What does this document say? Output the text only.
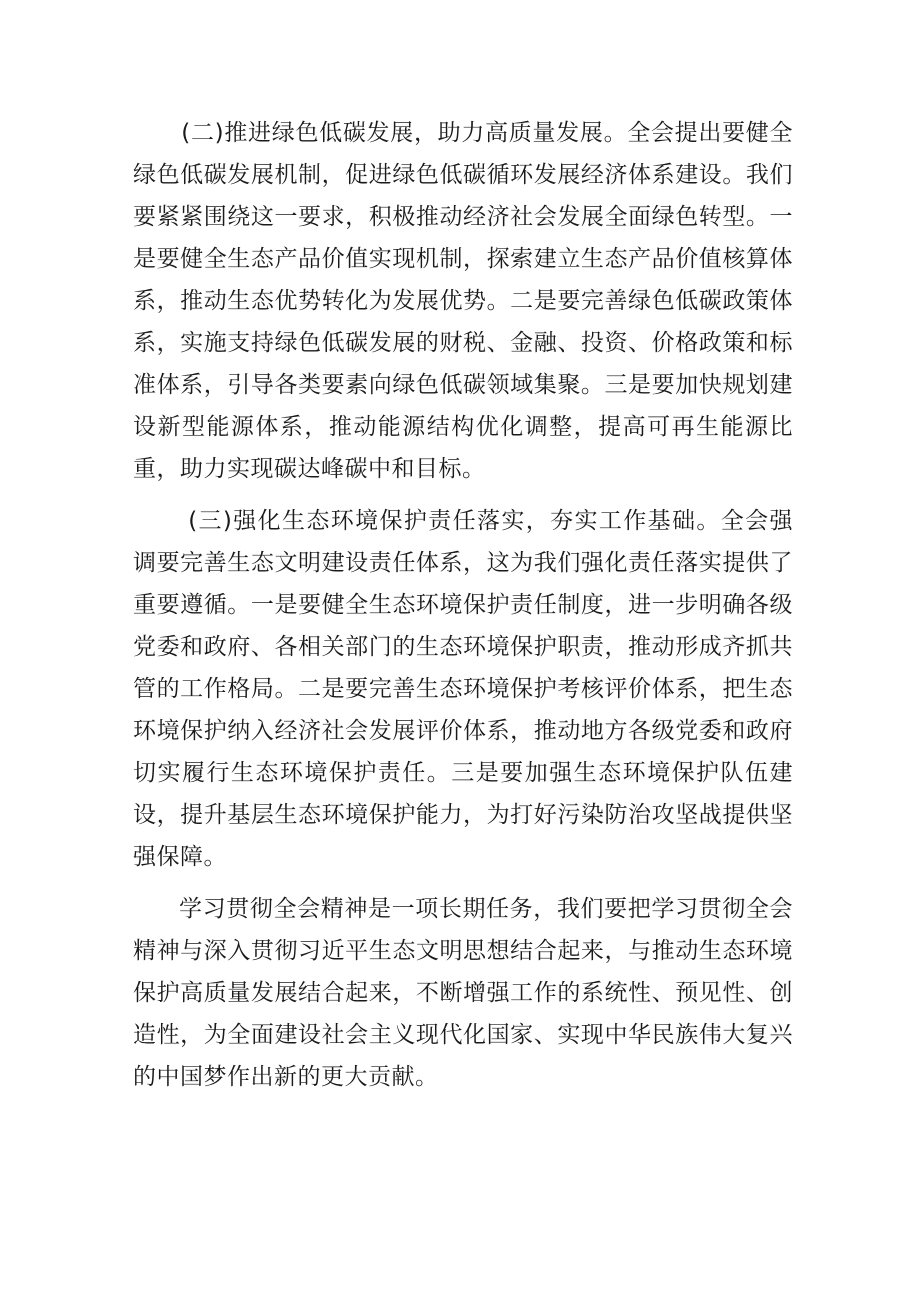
(二)推进绿色低碳发展，助力高质量发展。全会提出要健全绿色低碳发展机制，促进绿色低碳循环发展经济体系建设。我们要紧紧围绕这一要求，积极推动经济社会发展全面绿色转型。一是要健全生态产品价值实现机制，探索建立生态产品价值核算体系，推动生态优势转化为发展优势。二是要完善绿色低碳政策体系，实施支持绿色低碳发展的财税、金融、投资、价格政策和标准体系，引导各类要素向绿色低碳领域集聚。三是要加快规划建设新型能源体系，推动能源结构优化调整，提高可再生能源比重，助力实现碳达峰碳中和目标。

(三)强化生态环境保护责任落实，夯实工作基础。全会强调要完善生态文明建设责任体系，这为我们强化责任落实提供了重要遵循。一是要健全生态环境保护责任制度，进一步明确各级党委和政府、各相关部门的生态环境保护职责，推动形成齐抓共管的工作格局。二是要完善生态环境保护考核评价体系，把生态环境保护纳入经济社会发展评价体系，推动地方各级党委和政府切实履行生态环境保护责任。三是要加强生态环境保护队伍建设，提升基层生态环境保护能力，为打好污染防治攻坚战提供坚强保障。

学习贯彻全会精神是一项长期任务，我们要把学习贯彻全会精神与深入贯彻习近平生态文明思想结合起来，与推动生态环境保护高质量发展结合起来，不断增强工作的系统性、预见性、创造性，为全面建设社会主义现代化国家、实现中华民族伟大复兴的中国梦作出新的更大贡献。
